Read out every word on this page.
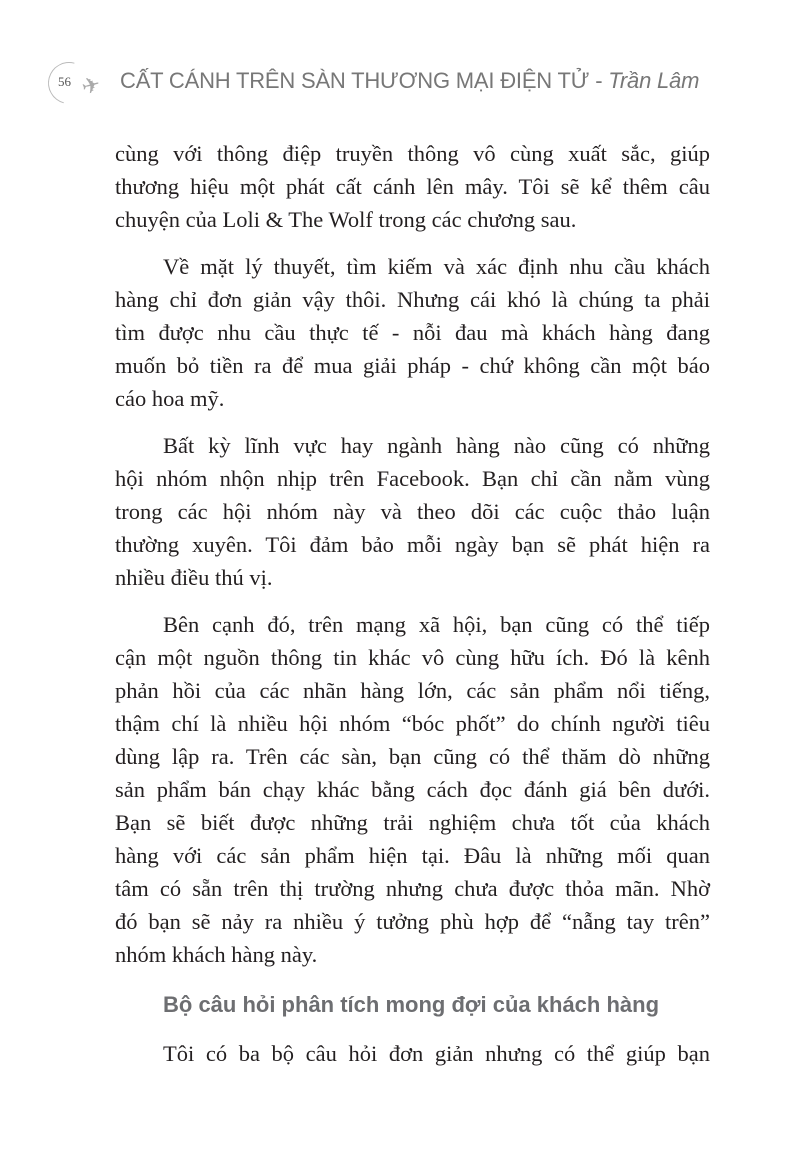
56 ✈ CẤT CÁNH TRÊN SÀN THƯƠNG MẠI ĐIỆN TỬ - Trần Lâm
cùng với thông điệp truyền thông vô cùng xuất sắc, giúp
thương hiệu một phát cất cánh lên mây. Tôi sẽ kể thêm câu
chuyện của Loli & The Wolf trong các chương sau.
Về mặt lý thuyết, tìm kiếm và xác định nhu cầu khách
hàng chỉ đơn giản vậy thôi. Nhưng cái khó là chúng ta phải
tìm được nhu cầu thực tế - nỗi đau mà khách hàng đang
muốn bỏ tiền ra để mua giải pháp - chứ không cần một báo
cáo hoa mỹ.
Bất kỳ lĩnh vực hay ngành hàng nào cũng có những
hội nhóm nhộn nhịp trên Facebook. Bạn chỉ cần nằm vùng
trong các hội nhóm này và theo dõi các cuộc thảo luận
thường xuyên. Tôi đảm bảo mỗi ngày bạn sẽ phát hiện ra
nhiều điều thú vị.
Bên cạnh đó, trên mạng xã hội, bạn cũng có thể tiếp
cận một nguồn thông tin khác vô cùng hữu ích. Đó là kênh
phản hồi của các nhãn hàng lớn, các sản phẩm nổi tiếng,
thậm chí là nhiều hội nhóm “bóc phốt” do chính người tiêu
dùng lập ra. Trên các sàn, bạn cũng có thể thăm dò những
sản phẩm bán chạy khác bằng cách đọc đánh giá bên dưới.
Bạn sẽ biết được những trải nghiệm chưa tốt của khách
hàng với các sản phẩm hiện tại. Đâu là những mối quan
tâm có sẵn trên thị trường nhưng chưa được thỏa mãn. Nhờ
đó bạn sẽ nảy ra nhiều ý tưởng phù hợp để “nẫng tay trên”
nhóm khách hàng này.
Bộ câu hỏi phân tích mong đợi của khách hàng
Tôi có ba bộ câu hỏi đơn giản nhưng có thể giúp bạn
